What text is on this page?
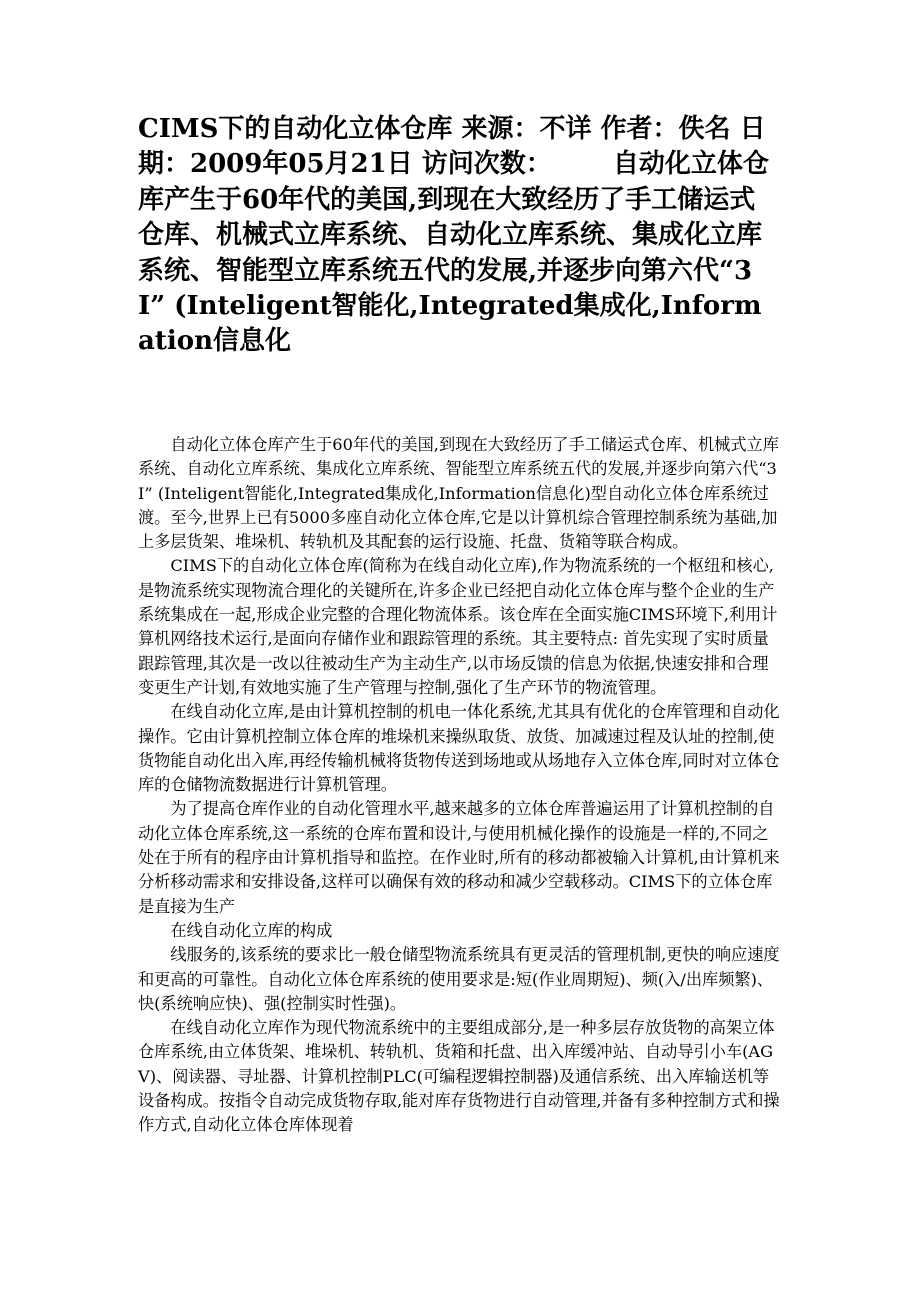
CIMS下的自动化立体仓库 来源：不详 作者：佚名 日期：2009年05月21日 访问次数： 　　自动化立体仓库产生于60年代的美国,到现在大致经历了手工储运式仓库、机械式立库系统、自动化立库系统、集成化立库系统、智能型立库系统五代的发展,并逐步向第六代“3I” (Inteligent智能化,Integrated集成化,Information信息化

自动化立体仓库产生于60年代的美国,到现在大致经历了手工储运式仓库、机械式立库系统、自动化立库系统、集成化立库系统、智能型立库系统五代的发展,并逐步向第六代“3I” (Inteligent智能化,Integrated集成化,Information信息化)型自动化立体仓库系统过渡。至今,世界上已有5000多座自动化立体仓库,它是以计算机综合管理控制系统为基础,加上多层货架、堆垛机、转轨机及其配套的运行设施、托盘、货箱等联合构成。

CIMS下的自动化立体仓库(简称为在线自动化立库),作为物流系统的一个枢纽和核心,是物流系统实现物流合理化的关键所在,许多企业已经把自动化立体仓库与整个企业的生产系统集成在一起,形成企业完整的合理化物流体系。该仓库在全面实施CIMS环境下,利用计算机网络技术运行,是面向存储作业和跟踪管理的系统。其主要特点: 首先实现了实时质量跟踪管理,其次是一改以往被动生产为主动生产,以市场反馈的信息为依据,快速安排和合理变更生产计划,有效地实施了生产管理与控制,强化了生产环节的物流管理。

在线自动化立库,是由计算机控制的机电一体化系统,尤其具有优化的仓库管理和自动化操作。它由计算机控制立体仓库的堆垛机来操纵取货、放货、加减速过程及认址的控制,使货物能自动化出入库,再经传输机械将货物传送到场地或从场地存入立体仓库,同时对立体仓库的仓储物流数据进行计算机管理。

为了提高仓库作业的自动化管理水平,越来越多的立体仓库普遍运用了计算机控制的自动化立体仓库系统,这一系统的仓库布置和设计,与使用机械化操作的设施是一样的,不同之处在于所有的程序由计算机指导和监控。在作业时,所有的移动都被输入计算机,由计算机来分析移动需求和安排设备,这样可以确保有效的移动和减少空载移动。CIMS下的立体仓库是直接为生产

在线自动化立库的构成

线服务的,该系统的要求比一般仓储型物流系统具有更灵活的管理机制,更快的响应速度和更高的可靠性。自动化立体仓库系统的使用要求是:短(作业周期短)、频(入/出库频繁)、快(系统响应快)、强(控制实时性强)。

在线自动化立库作为现代物流系统中的主要组成部分,是一种多层存放货物的高架立体仓库系统,由立体货架、堆垛机、转轨机、货箱和托盘、出入库缓冲站、自动导引小车(AGV)、阅读器、寻址器、计算机控制PLC(可编程逻辑控制器)及通信系统、出入库输送机等设备构成。按指令自动完成货物存取,能对库存货物进行自动管理,并备有多种控制方式和操作方式,自动化立体仓库体现着
